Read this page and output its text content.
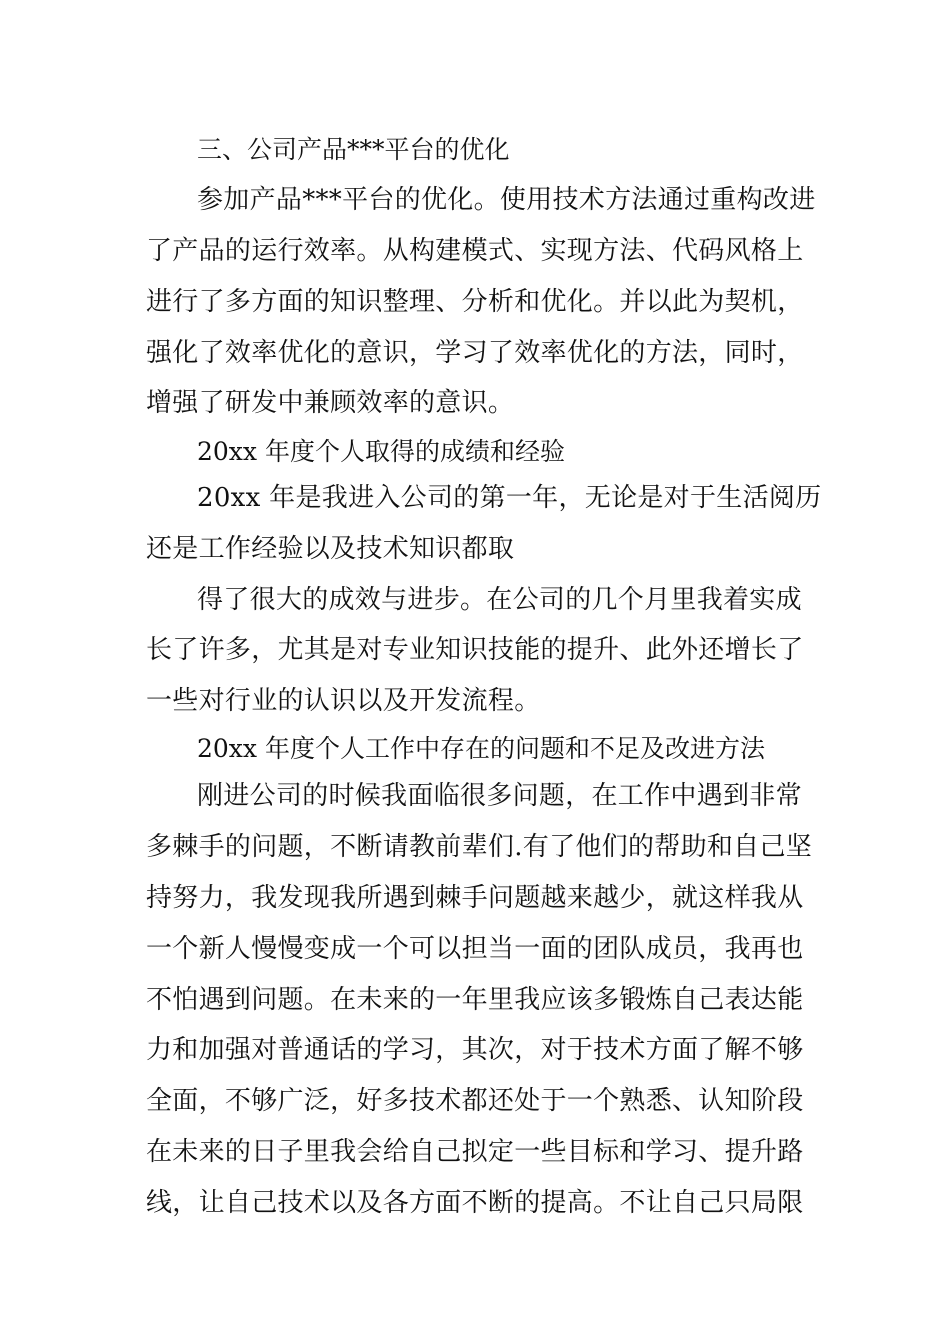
三、公司产品***平台的优化
参加产品***平台的优化。使用技术方法通过重构改进
了产品的运行效率。从构建模式、实现方法、代码风格上
进行了多方面的知识整理、分析和优化。并以此为契机，
强化了效率优化的意识，学习了效率优化的方法，同时，
增强了研发中兼顾效率的意识。
20xx 年度个人取得的成绩和经验
20xx 年是我进入公司的第一年，无论是对于生活阅历
还是工作经验以及技术知识都取
得了很大的成效与进步。在公司的几个月里我着实成
长了许多，尤其是对专业知识技能的提升、此外还增长了
一些对行业的认识以及开发流程。
20xx 年度个人工作中存在的问题和不足及改进方法
刚进公司的时候我面临很多问题，在工作中遇到非常
多棘手的问题，不断请教前辈们.有了他们的帮助和自己坚
持努力，我发现我所遇到棘手问题越来越少，就这样我从
一个新人慢慢变成一个可以担当一面的团队成员，我再也
不怕遇到问题。在未来的一年里我应该多锻炼自己表达能
力和加强对普通话的学习，其次，对于技术方面了解不够
全面，不够广泛，好多技术都还处于一个熟悉、认知阶段
在未来的日子里我会给自己拟定一些目标和学习、提升路
线，让自己技术以及各方面不断的提高。不让自己只局限
